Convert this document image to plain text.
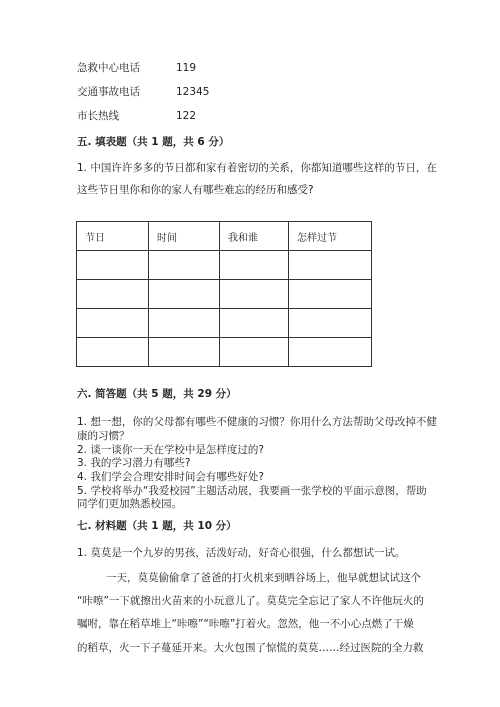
急救中心电话	119
交通事故电话	12345
市长热线	122
五. 填表题（共 1 题，共 6 分）
1. 中国许许多多的节日都和家有着密切的关系，你都知道哪些这样的节日，在
这些节日里你和你的家人有哪些难忘的经历和感受?
节日	时间	我和谁	怎样过节

六. 简答题（共 5 题，共 29 分）
1. 想一想，你的父母都有哪些不健康的习惯？你用什么方法帮助父母改掉不健
康的习惯？
2. 谈一谈你一天在学校中是怎样度过的?
3. 我的学习潜力有哪些?
4. 我们学会合理安排时间会有哪些好处?
5. 学校将举办“我爱校园”主题活动展，我要画一张学校的平面示意图，帮助
同学们更加熟悉校园。
七. 材料题（共 1 题，共 10 分）
1. 莫莫是一个九岁的男孩，活泼好动，好奇心很强，什么都想试一试。
一天，莫莫偷偷拿了爸爸的打火机来到晒谷场上，他早就想试试这个
“咔嚓”一下就擦出火苗来的小玩意儿了。莫莫完全忘记了家人不许他玩火的
嘱咐，靠在稻草堆上“咔嚓”“咔嚓”打着火。忽然，他一不小心点燃了干燥
的稻草，火一下子蔓延开来。大火包围了惊慌的莫莫……经过医院的全力救
